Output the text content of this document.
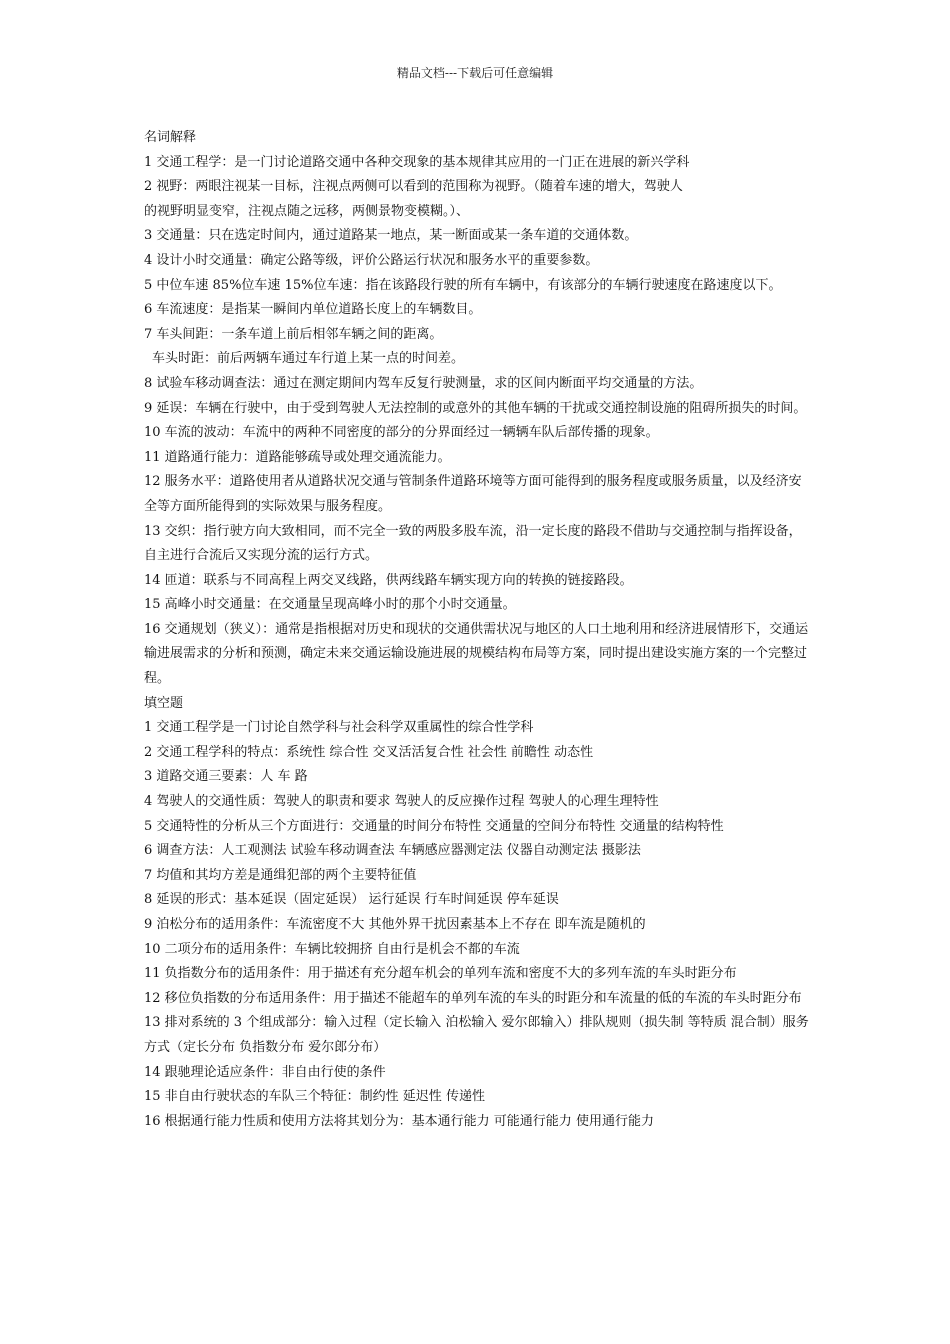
精品文档---下载后可任意编辑
名词解释
1 交通工程学：是一门讨论道路交通中各种交现象的基本规律其应用的一门正在进展的新兴学科
2 视野：两眼注视某一目标，注视点两侧可以看到的范围称为视野。（随着车速的增大，驾驶人
的视野明显变窄，注视点随之远移，两侧景物变模糊。）、
3 交通量：只在选定时间内，通过道路某一地点，某一断面或某一条车道的交通体数。
4 设计小时交通量：确定公路等级，评价公路运行状况和服务水平的重要参数。
5 中位车速 85%位车速 15%位车速：指在该路段行驶的所有车辆中，有该部分的车辆行驶速度在路速度以下。
6 车流速度：是指某一瞬间内单位道路长度上的车辆数目。
7 车头间距：一条车道上前后相邻车辆之间的距离。
车头时距：前后两辆车通过车行道上某一点的时间差。
8 试验车移动调查法：通过在测定期间内驾车反复行驶测量，求的区间内断面平均交通量的方法。
9 延误：车辆在行驶中，由于受到驾驶人无法控制的或意外的其他车辆的干扰或交通控制设施的阻碍所损失的时间。
10 车流的波动：车流中的两种不同密度的部分的分界面经过一辆辆车队后部传播的现象。
11 道路通行能力：道路能够疏导或处理交通流能力。
12 服务水平：道路使用者从道路状况交通与管制条件道路环境等方面可能得到的服务程度或服务质量，以及经济安全等方面所能得到的实际效果与服务程度。
13 交织：指行驶方向大致相同，而不完全一致的两股多股车流，沿一定长度的路段不借助与交通控制与指挥设备，自主进行合流后又实现分流的运行方式。
14 匝道：联系与不同高程上两交叉线路，供两线路车辆实现方向的转换的链接路段。
15 高峰小时交通量：在交通量呈现高峰小时的那个小时交通量。
16 交通规划（狭义）：通常是指根据对历史和现状的交通供需状况与地区的人口土地利用和经济进展情形下，交通运输进展需求的分析和预测，确定未来交通运输设施进展的规模结构布局等方案，同时提出建设实施方案的一个完整过程。
填空题
1 交通工程学是一门讨论自然学科与社会科学双重属性的综合性学科
2 交通工程学科的特点：系统性 综合性 交叉活活复合性 社会性 前瞻性 动态性
3 道路交通三要素：人 车 路
4 驾驶人的交通性质：驾驶人的职责和要求 驾驶人的反应操作过程 驾驶人的心理生理特性
5 交通特性的分析从三个方面进行：交通量的时间分布特性 交通量的空间分布特性 交通量的结构特性
6 调查方法：人工观测法 试验车移动调查法 车辆感应器测定法 仪器自动测定法 摄影法
7 均值和其均方差是通缉犯部的两个主要特征值
8 延误的形式：基本延误（固定延误） 运行延误 行车时间延误 停车延误
9 泊松分布的适用条件：车流密度不大 其他外界干扰因素基本上不存在 即车流是随机的
10 二项分布的适用条件：车辆比较拥挤 自由行是机会不都的车流
11 负指数分布的适用条件：用于描述有充分超车机会的单列车流和密度不大的多列车流的车头时距分布
12 移位负指数的分布适用条件：用于描述不能超车的单列车流的车头的时距分和车流量的低的车流的车头时距分布
13 排对系统的 3 个组成部分：输入过程（定长输入 泊松输入 爱尔郎输入）排队规则（损失制 等特质 混合制）服务方式（定长分布 负指数分布 爱尔郎分布）
14 跟驰理论适应条件：非自由行使的条件
15 非自由行驶状态的车队三个特征：制约性 延迟性 传递性
16 根据通行能力性质和使用方法将其划分为：基本通行能力 可能通行能力 使用通行能力
